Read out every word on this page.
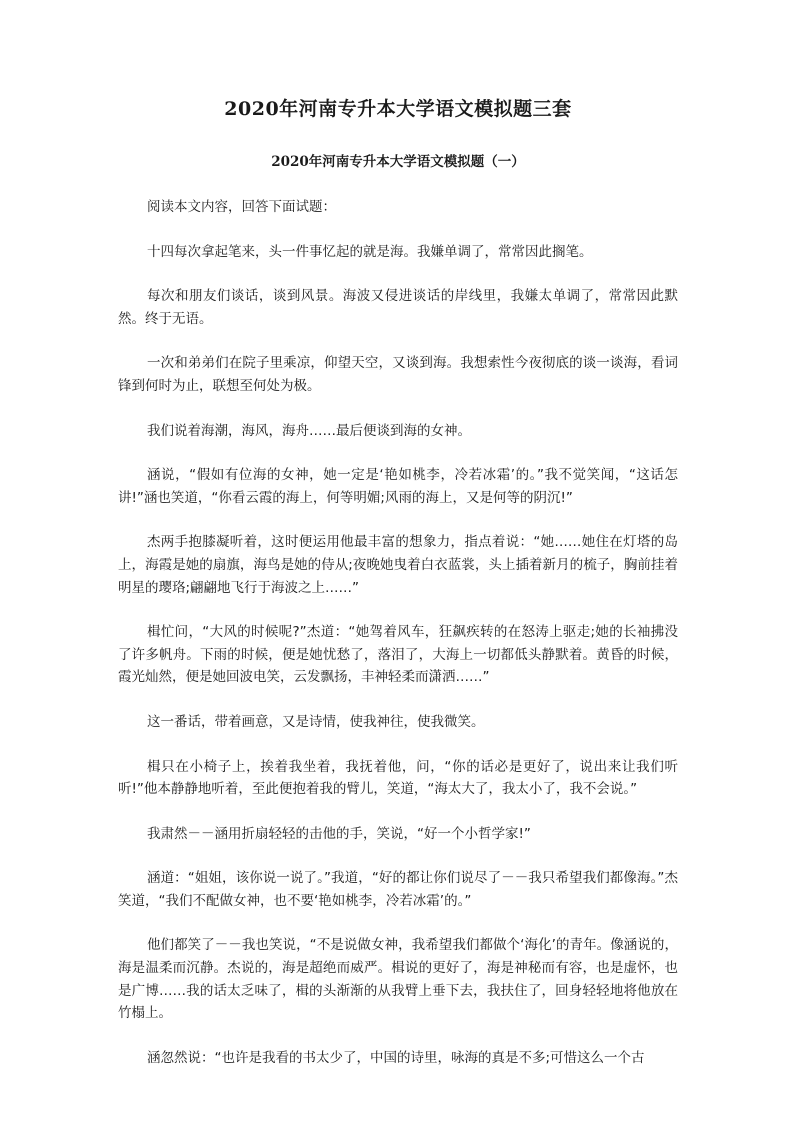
2020年河南专升本大学语文模拟题三套
2020年河南专升本大学语文模拟题（一）

阅读本文内容，回答下面试题：

十四每次拿起笔来，头一件事忆起的就是海。我嫌单调了，常常因此搁笔。

每次和朋友们谈话，谈到风景。海波又侵进谈话的岸线里，我嫌太单调了，常常因此默然。终于无语。

一次和弟弟们在院子里乘凉，仰望天空，又谈到海。我想索性今夜彻底的谈一谈海，看词锋到何时为止，联想至何处为极。

我们说着海潮，海风，海舟……最后便谈到海的女神。

涵说，“假如有位海的女神，她一定是‘艳如桃李，冷若冰霜’的。”我不觉笑闻，“这话怎讲!”涵也笑道，“你看云霞的海上，何等明媚;风雨的海上，又是何等的阴沉!”

杰两手抱膝凝听着，这时便运用他最丰富的想象力，指点着说：“她……她住在灯塔的岛上，海霞是她的扇旗，海鸟是她的侍从;夜晚她曳着白衣蓝裳，头上插着新月的梳子，胸前挂着明星的璎珞;翩翩地飞行于海波之上……”

楫忙问，“大风的时候呢?”杰道：“她驾着风车，狂飙疾转的在怒涛上驱走;她的长袖拂没了许多帆舟。下雨的时候，便是她忧愁了，落泪了，大海上一切都低头静默着。黄昏的时候，霞光灿然，便是她回波电笑，云发飘扬，丰神轻柔而潇洒……”

这一番话，带着画意，又是诗情，使我神往，使我微笑。

楫只在小椅子上，挨着我坐着，我抚着他，问，“你的话必是更好了，说出来让我们听听!”他本静静地听着，至此便抱着我的臂儿，笑道，“海太大了，我太小了，我不会说。”

我肃然－－涵用折扇轻轻的击他的手，笑说，“好一个小哲学家!”

涵道：“姐姐，该你说一说了。”我道，“好的都让你们说尽了－－我只希望我们都像海。”杰笑道，“我们不配做女神，也不要‘艳如桃李，冷若冰霜’的。”

他们都笑了－－我也笑说，“不是说做女神，我希望我们都做个‘海化’的青年。像涵说的，海是温柔而沉静。杰说的，海是超绝而威严。楫说的更好了，海是神秘而有容，也是虚怀，也是广博……我的话太乏味了，楫的头渐渐的从我臂上垂下去，我扶住了，回身轻轻地将他放在竹榻上。

涵忽然说：“也许是我看的书太少了，中国的诗里，咏海的真是不多;可惜这么一个古
